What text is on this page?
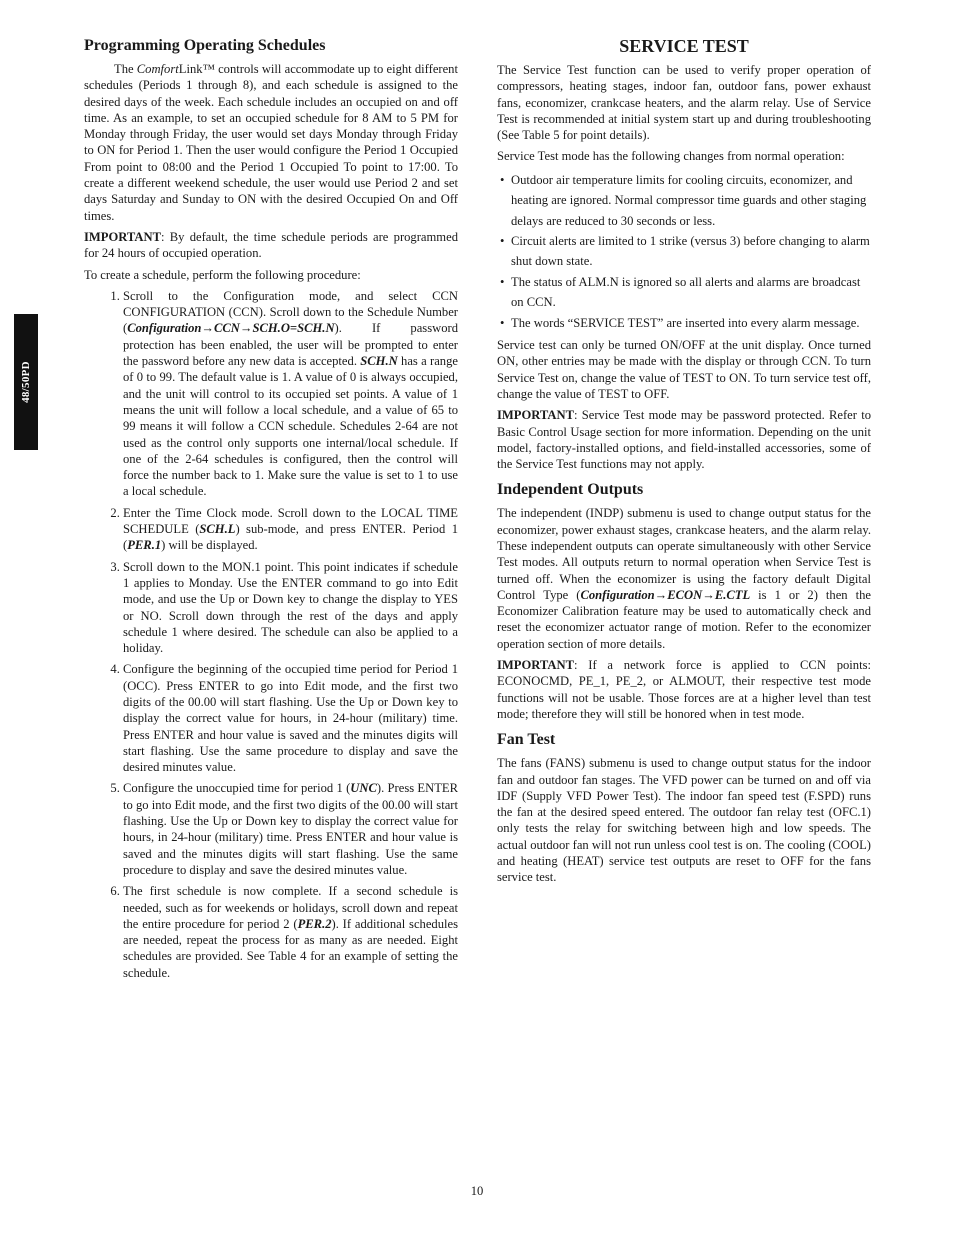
48/50PD
Programming Operating Schedules

The ComfortLink™ controls will accommodate up to eight different schedules (Periods 1 through 8), and each schedule is assigned to the desired days of the week. Each schedule includes an occupied on and off time. As an example, to set an occupied schedule for 8 AM to 5 PM for Monday through Friday, the user would set days Monday through Friday to ON for Period 1. Then the user would configure the Period 1 Occupied From point to 08:00 and the Period 1 Occupied To point to 17:00. To create a different weekend schedule, the user would use Period 2 and set days Saturday and Sunday to ON with the desired Occupied On and Off times.

IMPORTANT: By default, the time schedule periods are programmed for 24 hours of occupied operation.

To create a schedule, perform the following procedure:

1. Scroll to the Configuration mode, and select CCN CONFIGURATION (CCN). Scroll down to the Schedule Number (Configuration→CCN→SCH.O=SCH.N). If password protection has been enabled, the user will be prompted to enter the password before any new data is accepted. SCH.N has a range of 0 to 99. The default value is 1. A value of 0 is always occupied, and the unit will control to its occupied set points. A value of 1 means the unit will follow a local schedule, and a value of 65 to 99 means it will follow a CCN schedule. Schedules 2-64 are not used as the control only supports one internal/local schedule. If one of the 2-64 schedules is configured, then the control will force the number back to 1. Make sure the value is set to 1 to use a local schedule.
2. Enter the Time Clock mode. Scroll down to the LOCAL TIME SCHEDULE (SCH.L) sub-mode, and press ENTER. Period 1 (PER.1) will be displayed.
3. Scroll down to the MON.1 point. This point indicates if schedule 1 applies to Monday. Use the ENTER command to go into Edit mode, and use the Up or Down key to change the display to YES or NO. Scroll down through the rest of the days and apply schedule 1 where desired. The schedule can also be applied to a holiday.
4. Configure the beginning of the occupied time period for Period 1 (OCC). Press ENTER to go into Edit mode, and the first two digits of the 00.00 will start flashing. Use the Up or Down key to display the correct value for hours, in 24-hour (military) time. Press ENTER and hour value is saved and the minutes digits will start flashing. Use the same procedure to display and save the desired minutes value.
5. Configure the unoccupied time for period 1 (UNC). Press ENTER to go into Edit mode, and the first two digits of the 00.00 will start flashing. Use the Up or Down key to display the correct value for hours, in 24-hour (military) time. Press ENTER and hour value is saved and the minutes digits will start flashing. Use the same procedure to display and save the desired minutes value.
6. The first schedule is now complete. If a second schedule is needed, such as for weekends or holidays, scroll down and repeat the entire procedure for period 2 (PER.2). If additional schedules are needed, repeat the process for as many as are needed. Eight schedules are provided. See Table 4 for an example of setting the schedule.
SERVICE TEST

The Service Test function can be used to verify proper operation of compressors, heating stages, indoor fan, outdoor fans, power exhaust fans, economizer, crankcase heaters, and the alarm relay. Use of Service Test is recommended at initial system start up and during troubleshooting (See Table 5 for point details).

Service Test mode has the following changes from normal operation:

• Outdoor air temperature limits for cooling circuits, economizer, and heating are ignored. Normal compressor time guards and other staging delays are reduced to 30 seconds or less.
• Circuit alerts are limited to 1 strike (versus 3) before changing to alarm shut down state.
• The status of ALM.N is ignored so all alerts and alarms are broadcast on CCN.
• The words “SERVICE TEST” are inserted into every alarm message.

Service test can only be turned ON/OFF at the unit display. Once turned ON, other entries may be made with the display or through CCN. To turn Service Test on, change the value of TEST to ON. To turn service test off, change the value of TEST to OFF.

IMPORTANT: Service Test mode may be password protected. Refer to Basic Control Usage section for more information. Depending on the unit model, factory-installed options, and field-installed accessories, some of the Service Test functions may not apply.

Independent Outputs

The independent (INDP) submenu is used to change output status for the economizer, power exhaust stages, crankcase heaters, and the alarm relay. These independent outputs can operate simultaneously with other Service Test modes. All outputs return to normal operation when Service Test is turned off. When the economizer is using the factory default Digital Control Type (Configuration→ECON→E.CTL is 1 or 2) then the Economizer Calibration feature may be used to automatically check and reset the economizer actuator range of motion. Refer to the economizer operation section of more details.

IMPORTANT: If a network force is applied to CCN points: ECONOCMD, PE_1, PE_2, or ALMOUT, their respective test mode functions will not be usable. Those forces are at a higher level than test mode; therefore they will still be honored when in test mode.

Fan Test

The fans (FANS) submenu is used to change output status for the indoor fan and outdoor fan stages. The VFD power can be turned on and off via IDF (Supply VFD Power Test). The indoor fan speed test (F.SPD) runs the fan at the desired speed entered. The outdoor fan relay test (OFC.1) only tests the relay for switching between high and low speeds. The actual outdoor fan will not run unless cool test is on. The cooling (COOL) and heating (HEAT) service test outputs are reset to OFF for the fans service test.

10
